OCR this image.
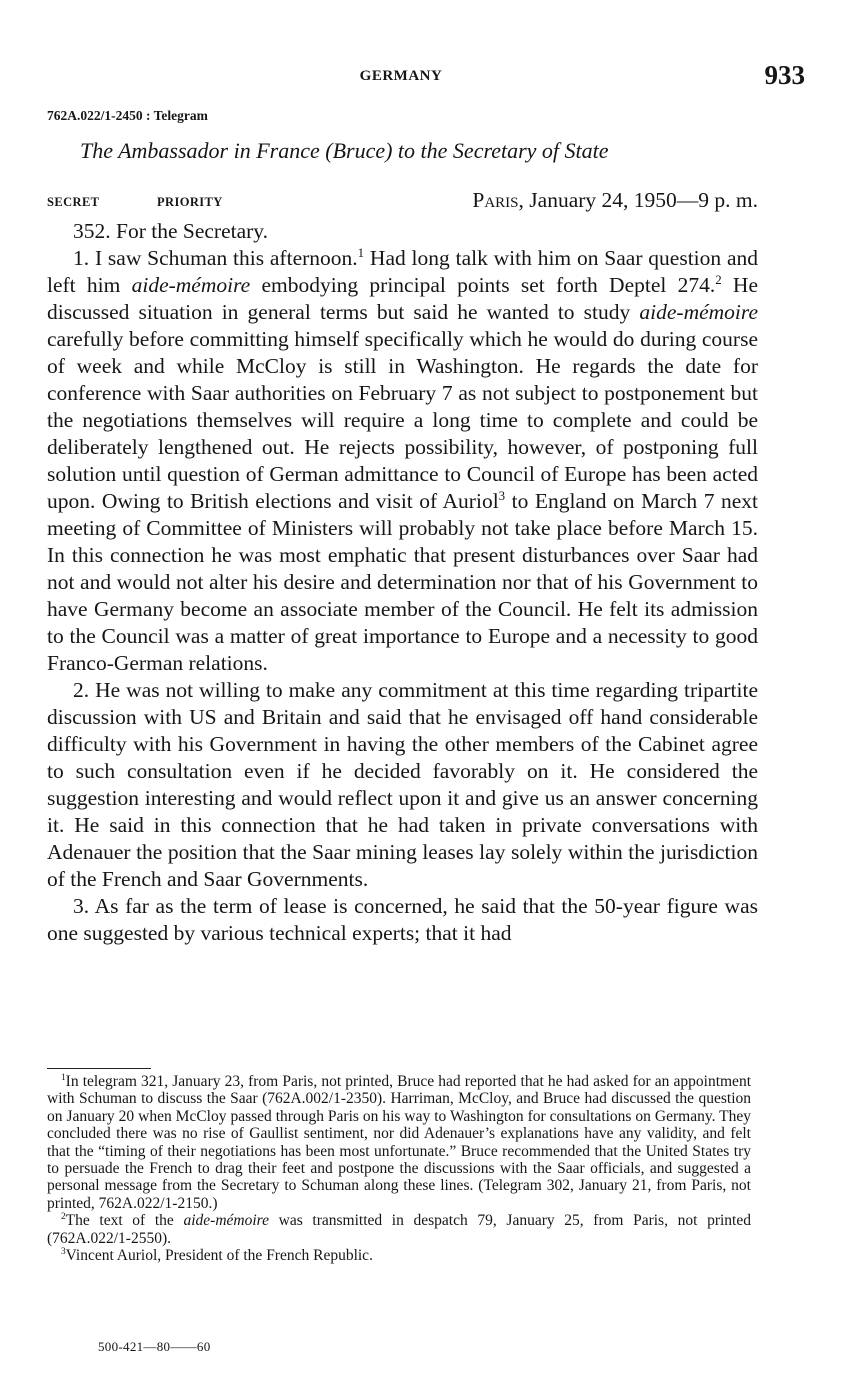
GERMANY	933
762A.022/1-2450 : Telegram
The Ambassador in France (Bruce) to the Secretary of State
SECRET	PRIORITY	Paris, January 24, 1950—9 p. m.

352. For the Secretary.

1. I saw Schuman this afternoon.$^1$ Had long talk with him on Saar question and left him aide-mémoire embodying principal points set forth Deptel 274.$^2$ He discussed situation in general terms but said he wanted to study aide-mémoire carefully before committing himself specifically which he would do during course of week and while McCloy is still in Washington. He regards the date for conference with Saar authorities on February 7 as not subject to postponement but the negotiations themselves will require a long time to complete and could be deliberately lengthened out. He rejects possibility, however, of postponing full solution until question of German admittance to Council of Europe has been acted upon. Owing to British elections and visit of Auriol$^3$ to England on March 7 next meeting of Committee of Ministers will probably not take place before March 15. In this connection he was most emphatic that present disturbances over Saar had not and would not alter his desire and determination nor that of his Government to have Germany become an associate member of the Council. He felt its admission to the Council was a matter of great importance to Europe and a necessity to good Franco-German relations.

2. He was not willing to make any commitment at this time regarding tripartite discussion with US and Britain and said that he envisaged off hand considerable difficulty with his Government in having the other members of the Cabinet agree to such consultation even if he decided favorably on it. He considered the suggestion interesting and would reflect upon it and give us an answer concerning it. He said in this connection that he had taken in private conversations with Adenauer the position that the Saar mining leases lay solely within the jurisdiction of the French and Saar Governments.

3. As far as the term of lease is concerned, he said that the 50-year figure was one suggested by various technical experts; that it had

$^1$In telegram 321, January 23, from Paris, not printed, Bruce had reported that he had asked for an appointment with Schuman to discuss the Saar (762A.002/1-2350). Harriman, McCloy, and Bruce had discussed the question on January 20 when McCloy passed through Paris on his way to Washington for consultations on Germany. They concluded there was no rise of Gaullist sentiment, nor did Adenauer’s explanations have any validity, and felt that the “timing of their negotiations has been most unfortunate.” Bruce recommended that the United States try to persuade the French to drag their feet and postpone the discussions with the Saar officials, and suggested a personal message from the Secretary to Schuman along these lines. (Telegram 302, January 21, from Paris, not printed, 762A.022/1-2150.)

$^2$The text of the aide-mémoire was transmitted in despatch 79, January 25, from Paris, not printed (762A.022/1-2550).

$^3$Vincent Auriol, President of the French Republic.

500-421—80——60
